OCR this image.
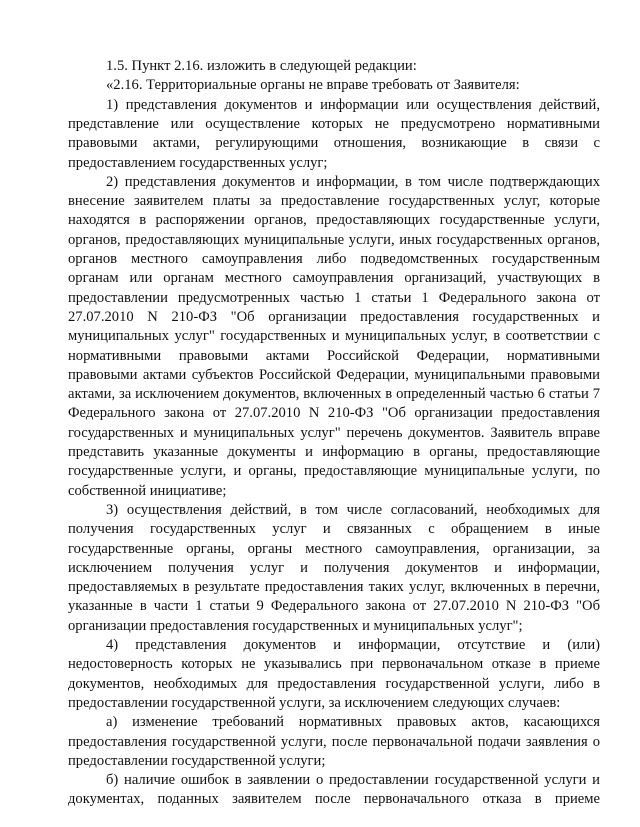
1.5. Пункт 2.16. изложить в следующей редакции:
«2.16. Территориальные органы не вправе требовать от Заявителя:
1) представления документов и информации или осуществления действий,
представление или осуществление которых не предусмотрено нормативными
правовыми актами, регулирующими отношения, возникающие в связи с
предоставлением государственных услуг;
2) представления документов и информации, в том числе подтверждающих
внесение заявителем платы за предоставление государственных услуг, которые
находятся в распоряжении органов, предоставляющих государственные услуги,
органов, предоставляющих муниципальные услуги, иных государственных органов,
органов местного самоуправления либо подведомственных государственным
органам или органам местного самоуправления организаций, участвующих в
предоставлении предусмотренных частью 1 статьи 1 Федерального закона от
27.07.2010 N 210-ФЗ "Об организации предоставления государственных и
муниципальных услуг" государственных и муниципальных услуг, в соответствии с
нормативными правовыми актами Российской Федерации, нормативными
правовыми актами субъектов Российской Федерации, муниципальными правовыми
актами, за исключением документов, включенных в определенный частью 6 статьи 7
Федерального закона от 27.07.2010 N 210-ФЗ "Об организации предоставления
государственных и муниципальных услуг" перечень документов. Заявитель вправе
представить указанные документы и информацию в органы, предоставляющие
государственные услуги, и органы, предоставляющие муниципальные услуги, по
собственной инициативе;
3) осуществления действий, в том числе согласований, необходимых для
получения государственных услуг и связанных с обращением в иные
государственные органы, органы местного самоуправления, организации, за
исключением получения услуг и получения документов и информации,
предоставляемых в результате предоставления таких услуг, включенных в перечни,
указанные в части 1 статьи 9 Федерального закона от 27.07.2010 N 210-ФЗ "Об
организации предоставления государственных и муниципальных услуг";
4) представления документов и информации, отсутствие и (или)
недостоверность которых не указывались при первоначальном отказе в приеме
документов, необходимых для предоставления государственной услуги, либо в
предоставлении государственной услуги, за исключением следующих случаев:
а) изменение требований нормативных правовых актов, касающихся
предоставления государственной услуги, после первоначальной подачи заявления о
предоставлении государственной услуги;
б) наличие ошибок в заявлении о предоставлении государственной услуги и
документах, поданных заявителем после первоначального отказа в приеме
